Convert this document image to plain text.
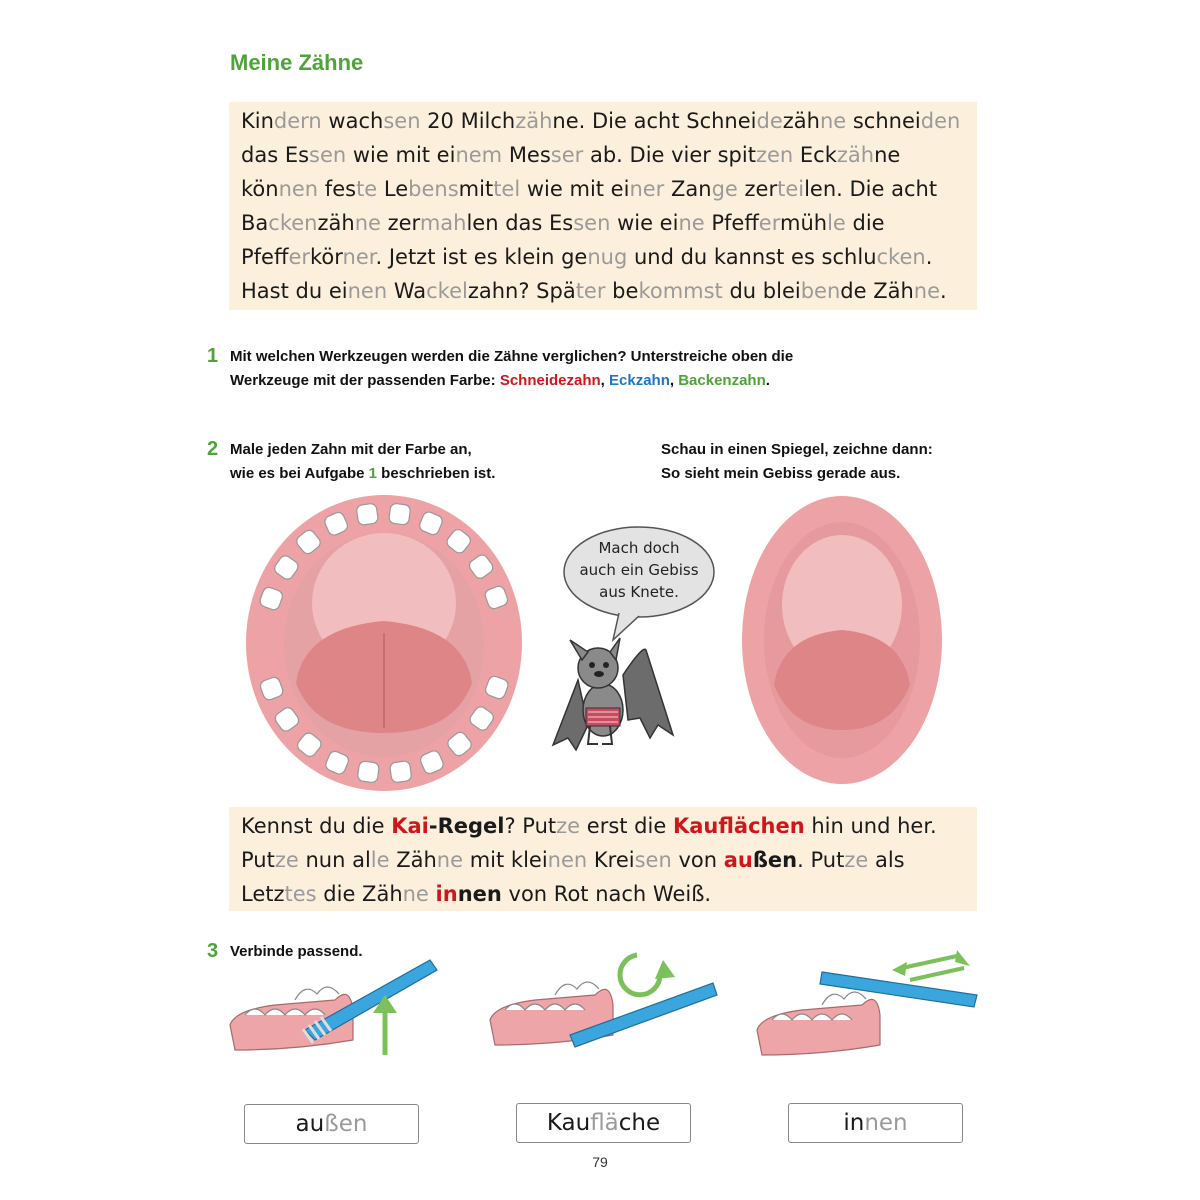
Meine Zähne
Kindern wachsen 20 Milchzähne. Die acht Schneidezähne schneiden
das Essen wie mit einem Messer ab. Die vier spitzen Eckzähne
können feste Lebensmittel wie mit einer Zange zerteilen. Die acht
Backenzähne zermahlen das Essen wie eine Pfeffermühle die
Pfefferkörner. Jetzt ist es klein genug und du kannst es schlucken.
Hast du einen Wackelzahn? Später bekommst du bleibende Zähne.
1 Mit welchen Werkzeugen werden die Zähne verglichen? Unterstreiche oben die
Werkzeuge mit der passenden Farbe: Schneidezahn, Eckzahn, Backenzahn.
2 Male jeden Zahn mit der Farbe an,
wie es bei Aufgabe 1 beschrieben ist.
Schau in einen Spiegel, zeichne dann:
So sieht mein Gebiss gerade aus.
Mach doch
auch ein Gebiss
aus Knete.
Kennst du die Kai-Regel? Putze erst die Kauflächen hin und her.
Putze nun alle Zähne mit kleinen Kreisen von außen. Putze als
Letztes die Zähne innen von Rot nach Weiß.
3 Verbinde passend.
außen	Kaufläche	innen
79
